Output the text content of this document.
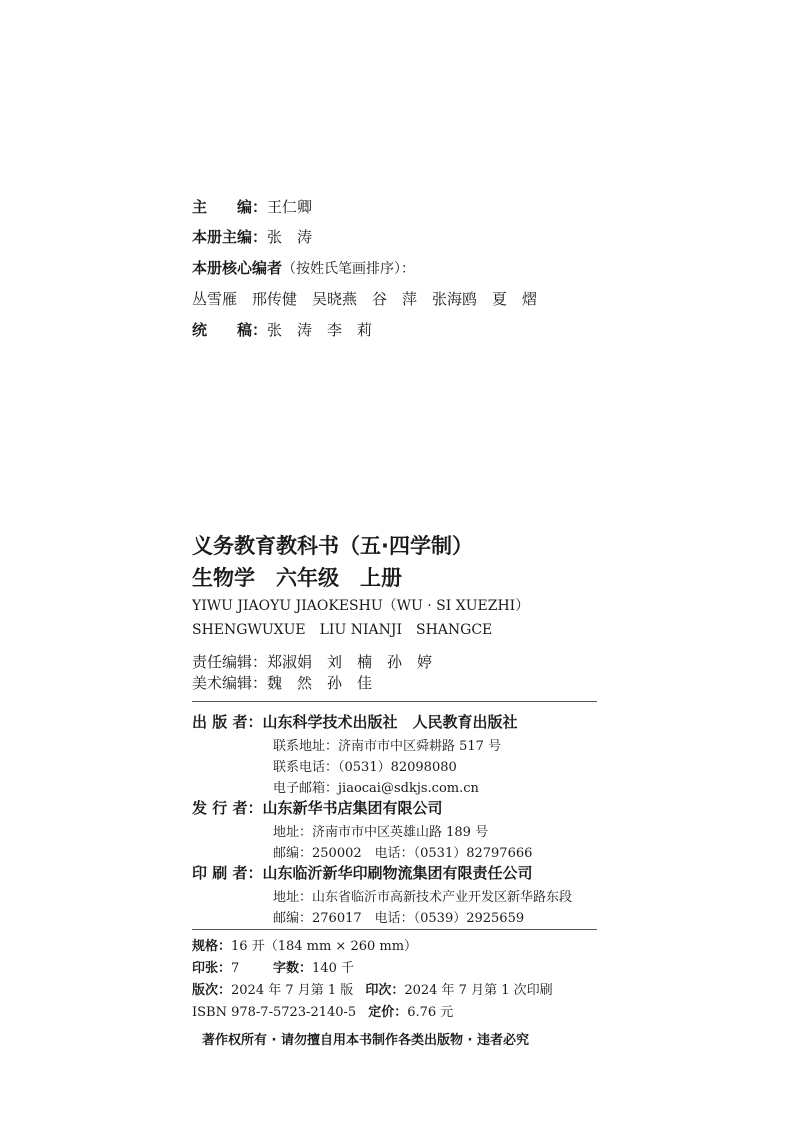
主　　编：王仁卿
本册主编：张　涛
本册核心编者（按姓氏笔画排序）：
丛雪雁　邢传健　吴晓燕　谷　萍　张海鸥　夏　熠
统　　稿：张　涛　李　莉
义务教育教科书（五·四学制）
生物学　六年级　上册
YIWU JIAOYU JIAOKESHU（WU · SI XUEZHI）
SHENGWUXUE　LIU NIANJI　SHANGCE
责任编辑：郑淑娟　刘　楠　孙　婷
美术编辑：魏　然　孙　佳
出 版 者：山东科学技术出版社　人民教育出版社
联系地址：济南市市中区舜耕路 517 号
联系电话：（0531）82098080
电子邮箱：jiaocai@sdkjs.com.cn
发 行 者：山东新华书店集团有限公司
地址：济南市市中区英雄山路 189 号
邮编：250002　电话：（0531）82797666
印 刷 者：山东临沂新华印刷物流集团有限责任公司
地址：山东省临沂市高新技术产业开发区新华路东段
邮编：276017　电话：（0539）2925659
规格：16 开（184 mm × 260 mm）
印张：7	字数：140 千
版次：2024 年 7 月第 1 版 印次：2024 年 7 月第 1 次印刷
ISBN 978-7-5723-2140-5 定价：6.76 元
著作权所有 · 请勿擅自用本书制作各类出版物 · 违者必究
